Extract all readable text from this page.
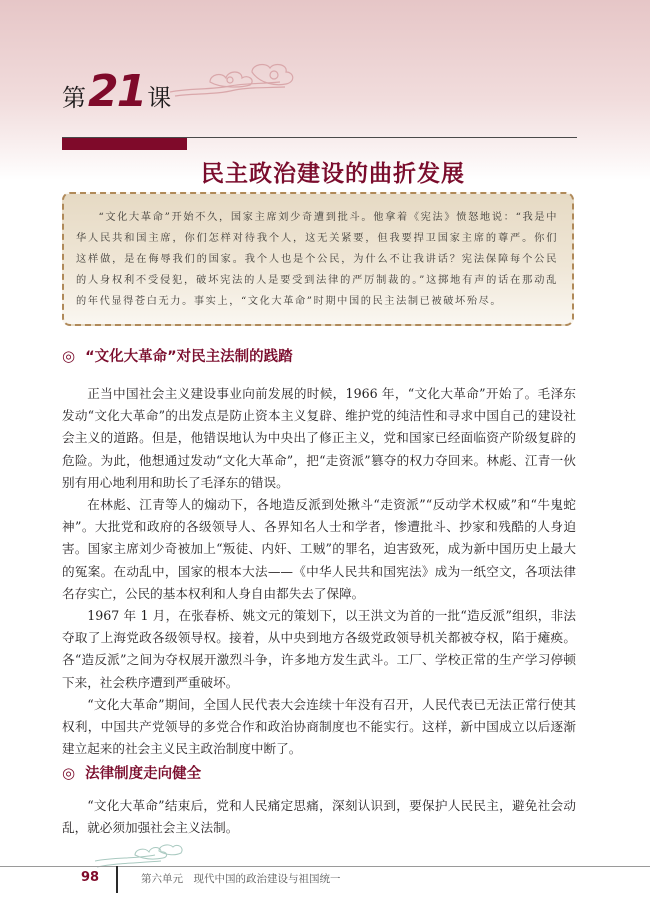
第 21 课
民主政治建设的曲折发展

“文化大革命”开始不久，国家主席刘少奇遭到批斗。他拿着《宪法》愤怒地说：“我是中华人民共和国主席，你们怎样对待我个人，这无关紧要，但我要捍卫国家主席的尊严。你们这样做，是在侮辱我们的国家。我个人也是个公民，为什么不让我讲话？宪法保障每个公民的人身权利不受侵犯，破坏宪法的人是要受到法律的严厉制裁的。”这掷地有声的话在那动乱的年代显得苍白无力。事实上，“文化大革命”时期中国的民主法制已被破坏殆尽。

◎ “文化大革命”对民主法制的践踏

正当中国社会主义建设事业向前发展的时候，1966 年，“文化大革命”开始了。毛泽东发动“文化大革命”的出发点是防止资本主义复辟、维护党的纯洁性和寻求中国自己的建设社会主义的道路。但是，他错误地认为中央出了修正主义，党和国家已经面临资产阶级复辟的危险。为此，他想通过发动“文化大革命”，把“走资派”篡夺的权力夺回来。林彪、江青一伙别有用心地利用和助长了毛泽东的错误。

在林彪、江青等人的煽动下，各地造反派到处揪斗“走资派”“反动学术权威”和“牛鬼蛇神”。大批党和政府的各级领导人、各界知名人士和学者，惨遭批斗、抄家和残酷的人身迫害。国家主席刘少奇被加上“叛徒、内奸、工贼”的罪名，迫害致死，成为新中国历史上最大的冤案。在动乱中，国家的根本大法——《中华人民共和国宪法》成为一纸空文，各项法律名存实亡，公民的基本权利和人身自由都失去了保障。

1967 年 1 月，在张春桥、姚文元的策划下，以王洪文为首的一批“造反派”组织，非法夺取了上海党政各级领导权。接着，从中央到地方各级党政领导机关都被夺权，陷于瘫痪。各“造反派”之间为夺权展开激烈斗争，许多地方发生武斗。工厂、学校正常的生产学习停顿下来，社会秩序遭到严重破坏。

“文化大革命”期间，全国人民代表大会连续十年没有召开，人民代表已无法正常行使其权利，中国共产党领导的多党合作和政治协商制度也不能实行。这样，新中国成立以后逐渐建立起来的社会主义民主政治制度中断了。

◎ 法律制度走向健全

“文化大革命”结束后，党和人民痛定思痛，深刻认识到，要保护人民民主，避免社会动乱，就必须加强社会主义法制。

98	第六单元　现代中国的政治建设与祖国统一
